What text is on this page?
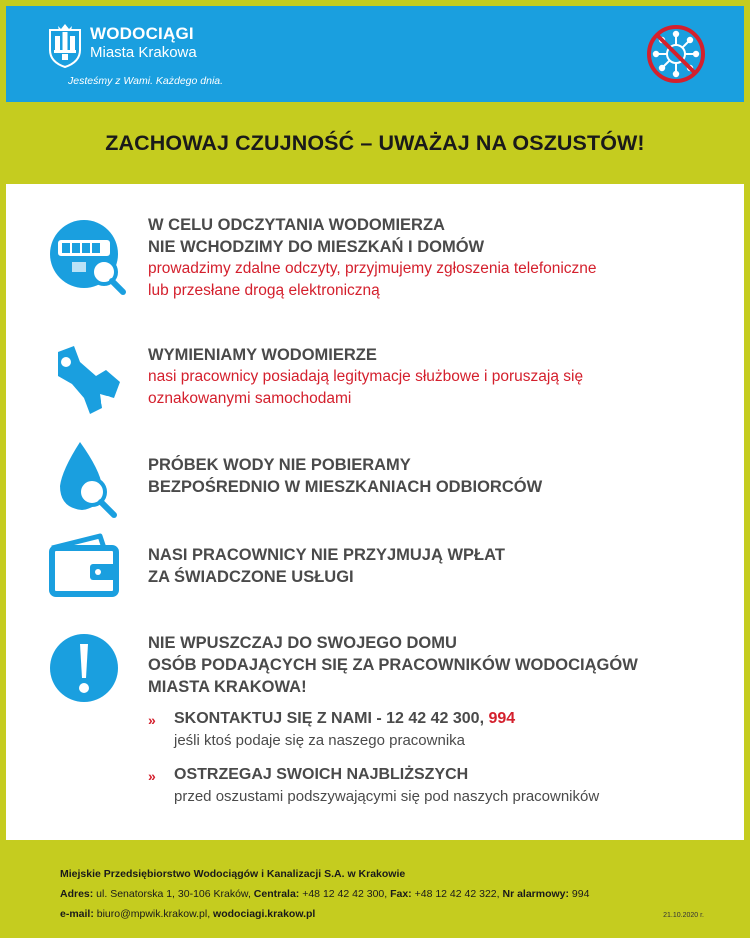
WODOCIĄGI
Miasta Krakowa
Jesteśmy z Wami. Każdego dnia.
ZACHOWAJ CZUJNOŚĆ – UWAŻAJ NA OSZUSTÓW!
W CELU ODCZYTANIA WODOMIERZA
NIE WCHODZIMY DO MIESZKAŃ I DOMÓW
prowadzimy zdalne odczyty, przyjmujemy zgłoszenia telefoniczne
lub przesłane drogą elektroniczną
WYMIENIAMY WODOMIERZE
nasi pracownicy posiadają legitymacje służbowe i poruszają się
oznakowanymi samochodami
PRÓBEK WODY NIE POBIERAMY
BEZPOŚREDNIO W MIESZKANIACH ODBIORCÓW
NASI PRACOWNICY NIE PRZYJMUJĄ WPŁAT
ZA ŚWIADCZONE USŁUGI
NIE WPUSZCZAJ DO SWOJEGO DOMU
OSÓB PODAJĄCYCH SIĘ ZA PRACOWNIKÓW WODOCIĄGÓW
MIASTA KRAKOWA!
» SKONTAKTUJ SIĘ Z NAMI - 12 42 42 300, 994
jeśli ktoś podaje się za naszego pracownika
» OSTRZEGAJ SWOICH NAJBLIŻSZYCH
przed oszustami podszywającymi się pod naszych pracowników
Miejskie Przedsiębiorstwo Wodociągów i Kanalizacji S.A. w Krakowie
Adres: ul. Senatorska 1, 30-106 Kraków, Centrala: +48 12 42 42 300, Fax: +48 12 42 42 322, Nr alarmowy: 994
e-mail: biuro@mpwik.krakow.pl, wodociagi.krakow.pl	21.10.2020 r.
